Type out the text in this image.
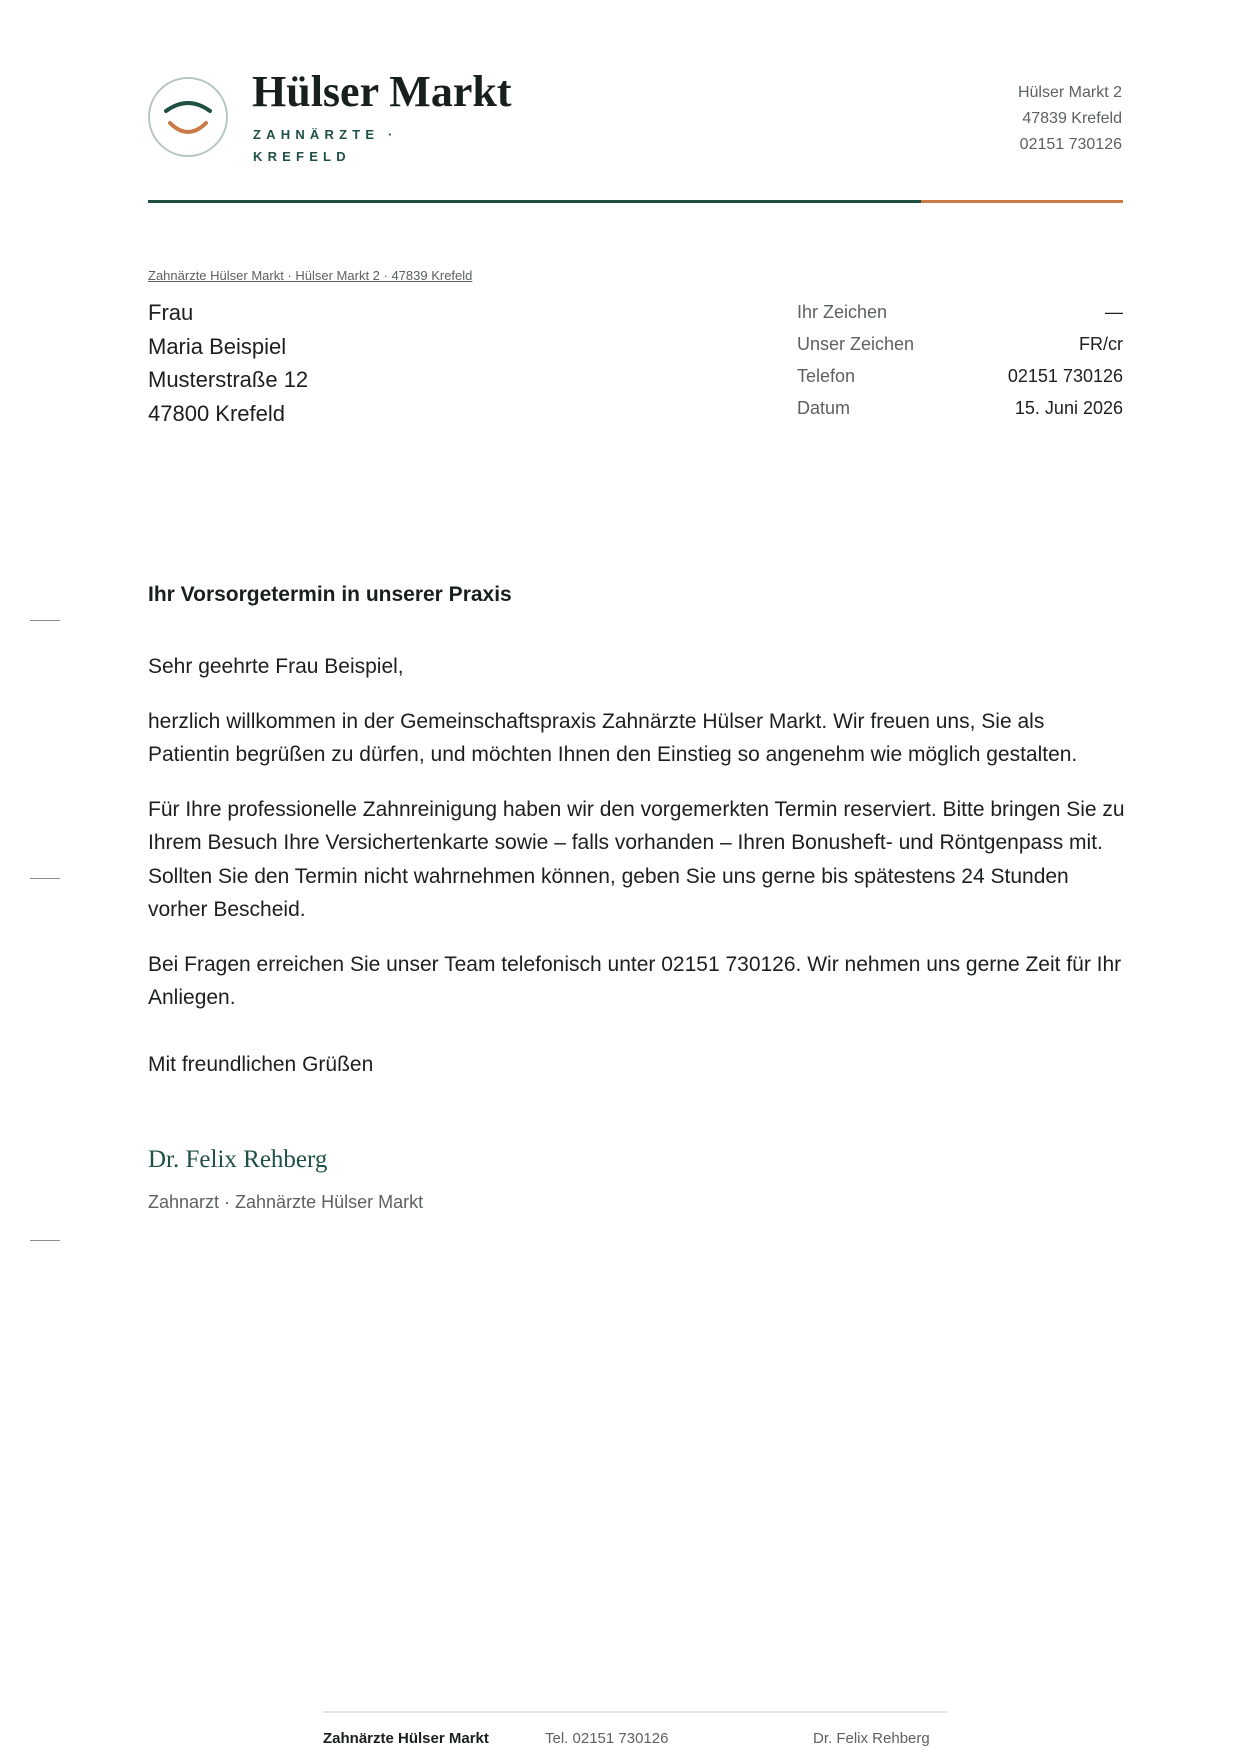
Hülser Markt
ZAHNÄRZTE ·
KREFELD
Hülser Markt 2
47839 Krefeld
02151 730126
Zahnärzte Hülser Markt · Hülser Markt 2 · 47839 Krefeld
Frau
Maria Beispiel
Musterstraße 12
47800 Krefeld
Ihr Zeichen	—
Unser Zeichen	FR/cr
Telefon	02151 730126
Datum	15. Juni 2026
Ihr Vorsorgetermin in unserer Praxis

Sehr geehrte Frau Beispiel,

herzlich willkommen in der Gemeinschaftspraxis Zahnärzte Hülser Markt. Wir freuen uns, Sie als Patientin begrüßen zu dürfen, und möchten Ihnen den Einstieg so angenehm wie möglich gestalten.

Für Ihre professionelle Zahnreinigung haben wir den vorgemerkten Termin reserviert. Bitte bringen Sie zu Ihrem Besuch Ihre Versichertenkarte sowie – falls vorhanden – Ihren Bonusheft- und Röntgenpass mit. Sollten Sie den Termin nicht wahrnehmen können, geben Sie uns gerne bis spätestens 24 Stunden vorher Bescheid.

Bei Fragen erreichen Sie unser Team telefonisch unter 02151 730126. Wir nehmen uns gerne Zeit für Ihr Anliegen.

Mit freundlichen Grüßen

Dr. Felix Rehberg
Zahnarzt · Zahnärzte Hülser Markt
Zahnärzte Hülser Markt	Tel. 02151 730126	Dr. Felix Rehberg
